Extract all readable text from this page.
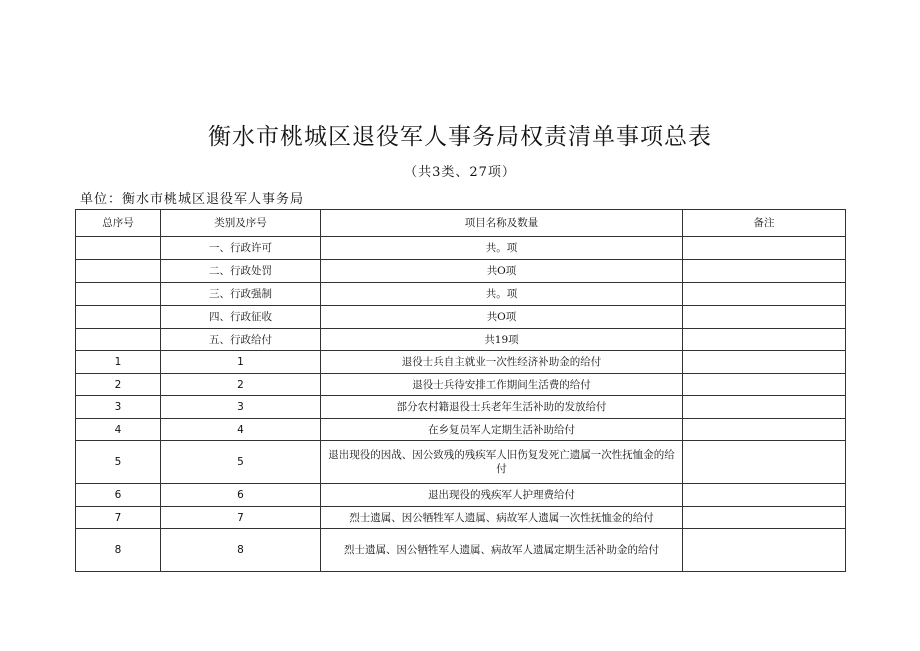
衡水市桃城区退役军人事务局权责清单事项总表
（共3类、27项）
单位：衡水市桃城区退役军人事务局
总序号	类别及序号	项目名称及数量	备注
	一、行政许可	共。项	
	二、行政处罚	共O项	
	三、行政强制	共。项	
	四、行政征收	共O项	
	五、行政给付	共19项	
1	1	退役士兵自主就业一次性经济补助金的给付	
2	2	退役士兵待安排工作期间生活费的给付	
3	3	部分农村籍退役士兵老年生活补助的发放给付	
4	4	在乡复员军人定期生活补助给付	
5	5	退出现役的因战、因公致残的残疾军人旧伤复发死亡遗属一次性抚恤金的给付	

6	6	退出现役的残疾军人护理费给付	
7	7	烈士遗属、因公牺牲军人遗属、病故军人遗属一次性抚恤金的给付	
8	8	烈士遗属、因公牺牲军人遗属、病故军人遗属定期生活补助金的给付	
